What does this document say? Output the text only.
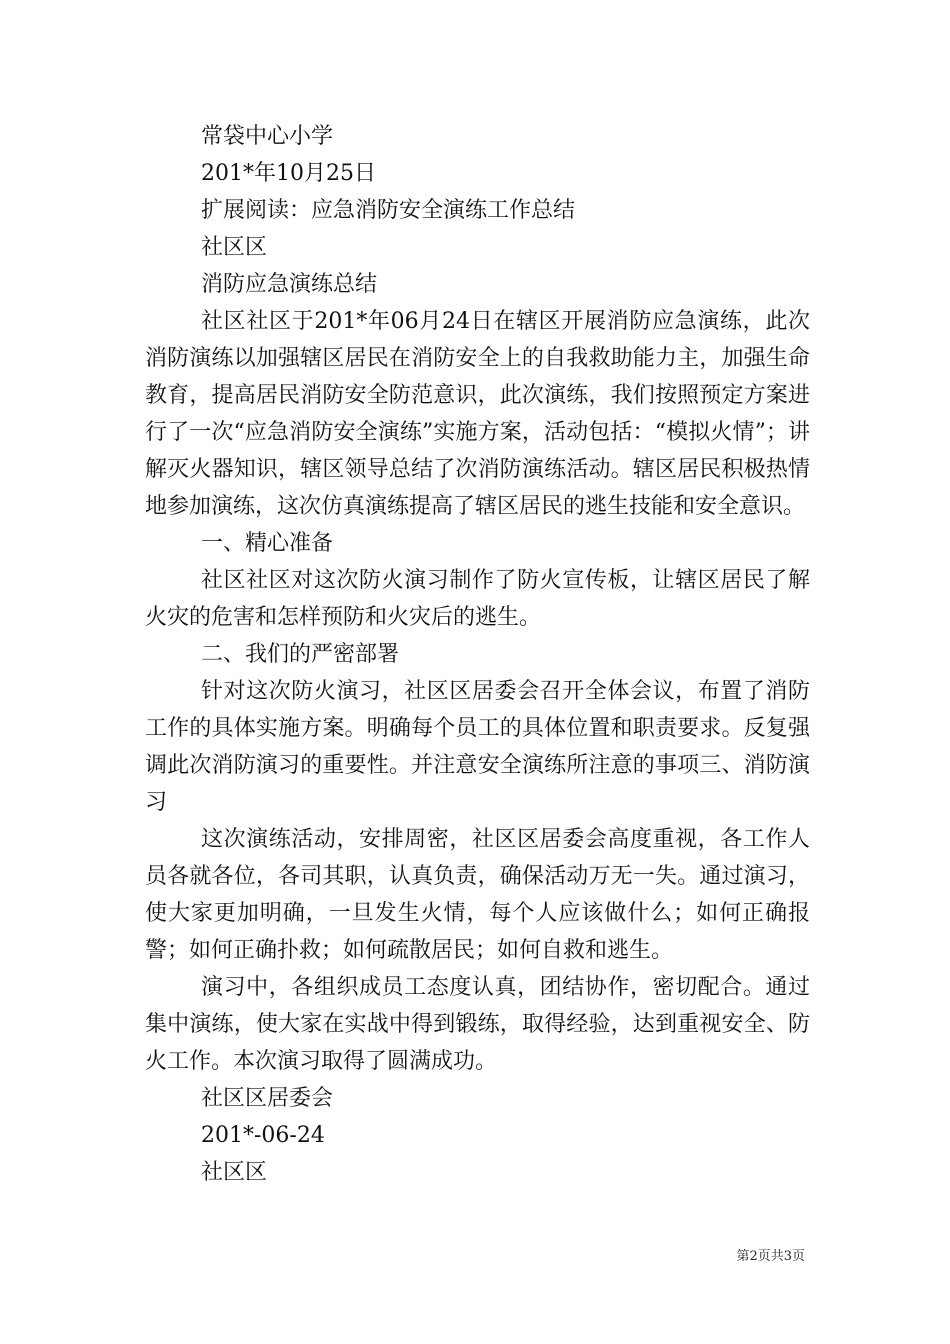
常袋中心小学

201*年10月25日

扩展阅读：应急消防安全演练工作总结

社区区

消防应急演练总结

社区社区于201*年06月24日在辖区开展消防应急演练，此次消防演练以加强辖区居民在消防安全上的自我救助能力主，加强生命教育，提高居民消防安全防范意识，此次演练，我们按照预定方案进行了一次“应急消防安全演练”实施方案，活动包括：“模拟火情”；讲解灭火器知识，辖区领导总结了次消防演练活动。辖区居民积极热情地参加演练，这次仿真演练提高了辖区居民的逃生技能和安全意识。

一、精心准备

社区社区对这次防火演习制作了防火宣传板，让辖区居民了解火灾的危害和怎样预防和火灾后的逃生。

二、我们的严密部署

针对这次防火演习，社区区居委会召开全体会议，布置了消防工作的具体实施方案。明确每个员工的具体位置和职责要求。反复强调此次消防演习的重要性。并注意安全演练所注意的事项三、消防演习

这次演练活动，安排周密，社区区居委会高度重视，各工作人员各就各位，各司其职，认真负责，确保活动万无一失。通过演习，使大家更加明确，一旦发生火情，每个人应该做什么；如何正确报警；如何正确扑救；如何疏散居民；如何自救和逃生。

演习中，各组织成员工态度认真，团结协作，密切配合。通过集中演练，使大家在实战中得到锻练，取得经验，达到重视安全、防火工作。本次演习取得了圆满成功。

社区区居委会

201*-06-24

社区区

第2页共3页
